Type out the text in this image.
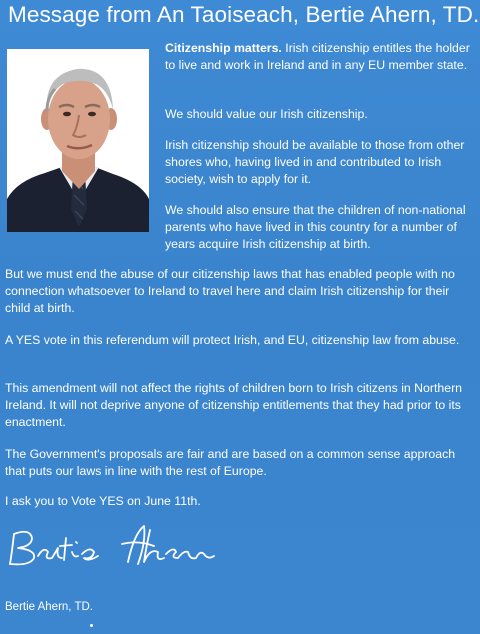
Message from An Taoiseach, Bertie Ahern, TD.

Citizenship matters. Irish citizenship entitles the holder to live and work in Ireland and in any EU member state.

We should value our Irish citizenship.

Irish citizenship should be available to those from other shores who, having lived in and contributed to Irish society, wish to apply for it.

We should also ensure that the children of non-national parents who have lived in this country for a number of years acquire Irish citizenship at birth.

But we must end the abuse of our citizenship laws that has enabled people with no connection whatsoever to Ireland to travel here and claim Irish citizenship for their child at birth.

A YES vote in this referendum will protect Irish, and EU, citizenship law from abuse.

This amendment will not affect the rights of children born to Irish citizens in Northern Ireland. It will not deprive anyone of citizenship entitlements that they had prior to its enactment.

The Government's proposals are fair and are based on a common sense approach that puts our laws in line with the rest of Europe.

I ask you to Vote YES on June 11th.

Bertie Ahern, TD.
